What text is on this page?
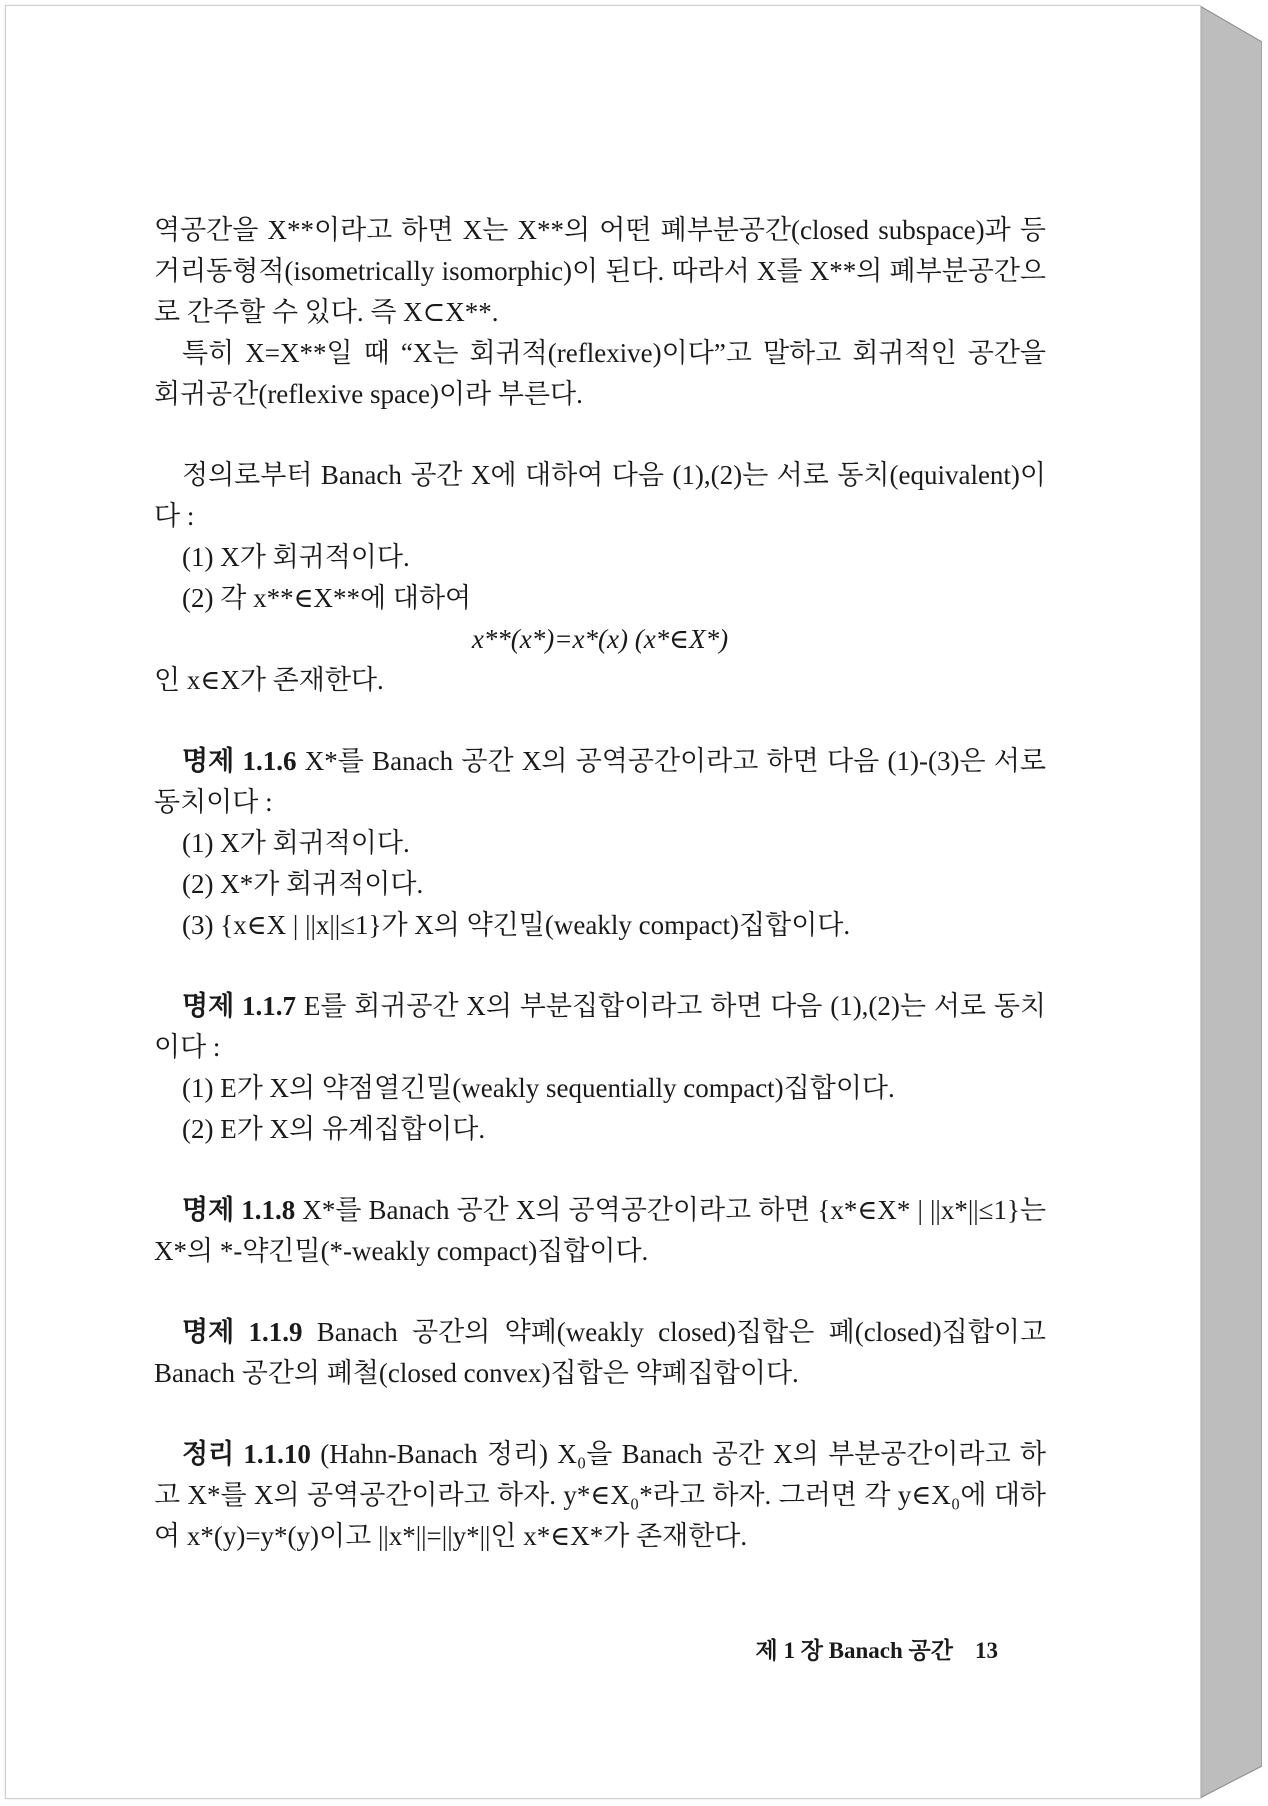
역공간을 X**이라고 하면 X는 X**의 어떤 폐부분공간(closed subspace)과 등거리동형적(isometrically isomorphic)이 된다. 따라서 X를 X**의 폐부분공간으로 간주할 수 있다. 즉 X⊂X**.

특히 X=X**일 때 “X는 회귀적(reflexive)이다”고 말하고 회귀적인 공간을 회귀공간(reflexive space)이라 부른다.

정의로부터 Banach 공간 X에 대하여 다음 (1),(2)는 서로 동치(equivalent)이다 :

(1) X가 회귀적이다.

(2) 각 x**∈X**에 대하여

x**(x*)=x*(x) (x*∈X*)

인 x∈X가 존재한다.

명제 1.1.6 X*를 Banach 공간 X의 공역공간이라고 하면 다음 (1)-(3)은 서로 동치이다 :

(1) X가 회귀적이다.

(2) X*가 회귀적이다.

(3) {x∈X | ||x||≤1}가 X의 약긴밀(weakly compact)집합이다.

명제 1.1.7 E를 회귀공간 X의 부분집합이라고 하면 다음 (1),(2)는 서로 동치이다 :

(1) E가 X의 약점열긴밀(weakly sequentially compact)집합이다.

(2) E가 X의 유계집합이다.

명제 1.1.8 X*를 Banach 공간 X의 공역공간이라고 하면 {x*∈X* | ||x*||≤1}는 X*의 *-약긴밀(*-weakly compact)집합이다.

명제 1.1.9 Banach 공간의 약폐(weakly closed)집합은 폐(closed)집합이고 Banach 공간의 폐철(closed convex)집합은 약폐집합이다.

정리 1.1.10 (Hahn-Banach 정리) X₀을 Banach 공간 X의 부분공간이라고 하고 X*를 X의 공역공간이라고 하자. y*∈X₀*라고 하자. 그러면 각 y∈X₀에 대하여 x*(y)=y*(y)이고 ||x*||=||y*||인 x*∈X*가 존재한다.

제 1 장 Banach 공간 13
